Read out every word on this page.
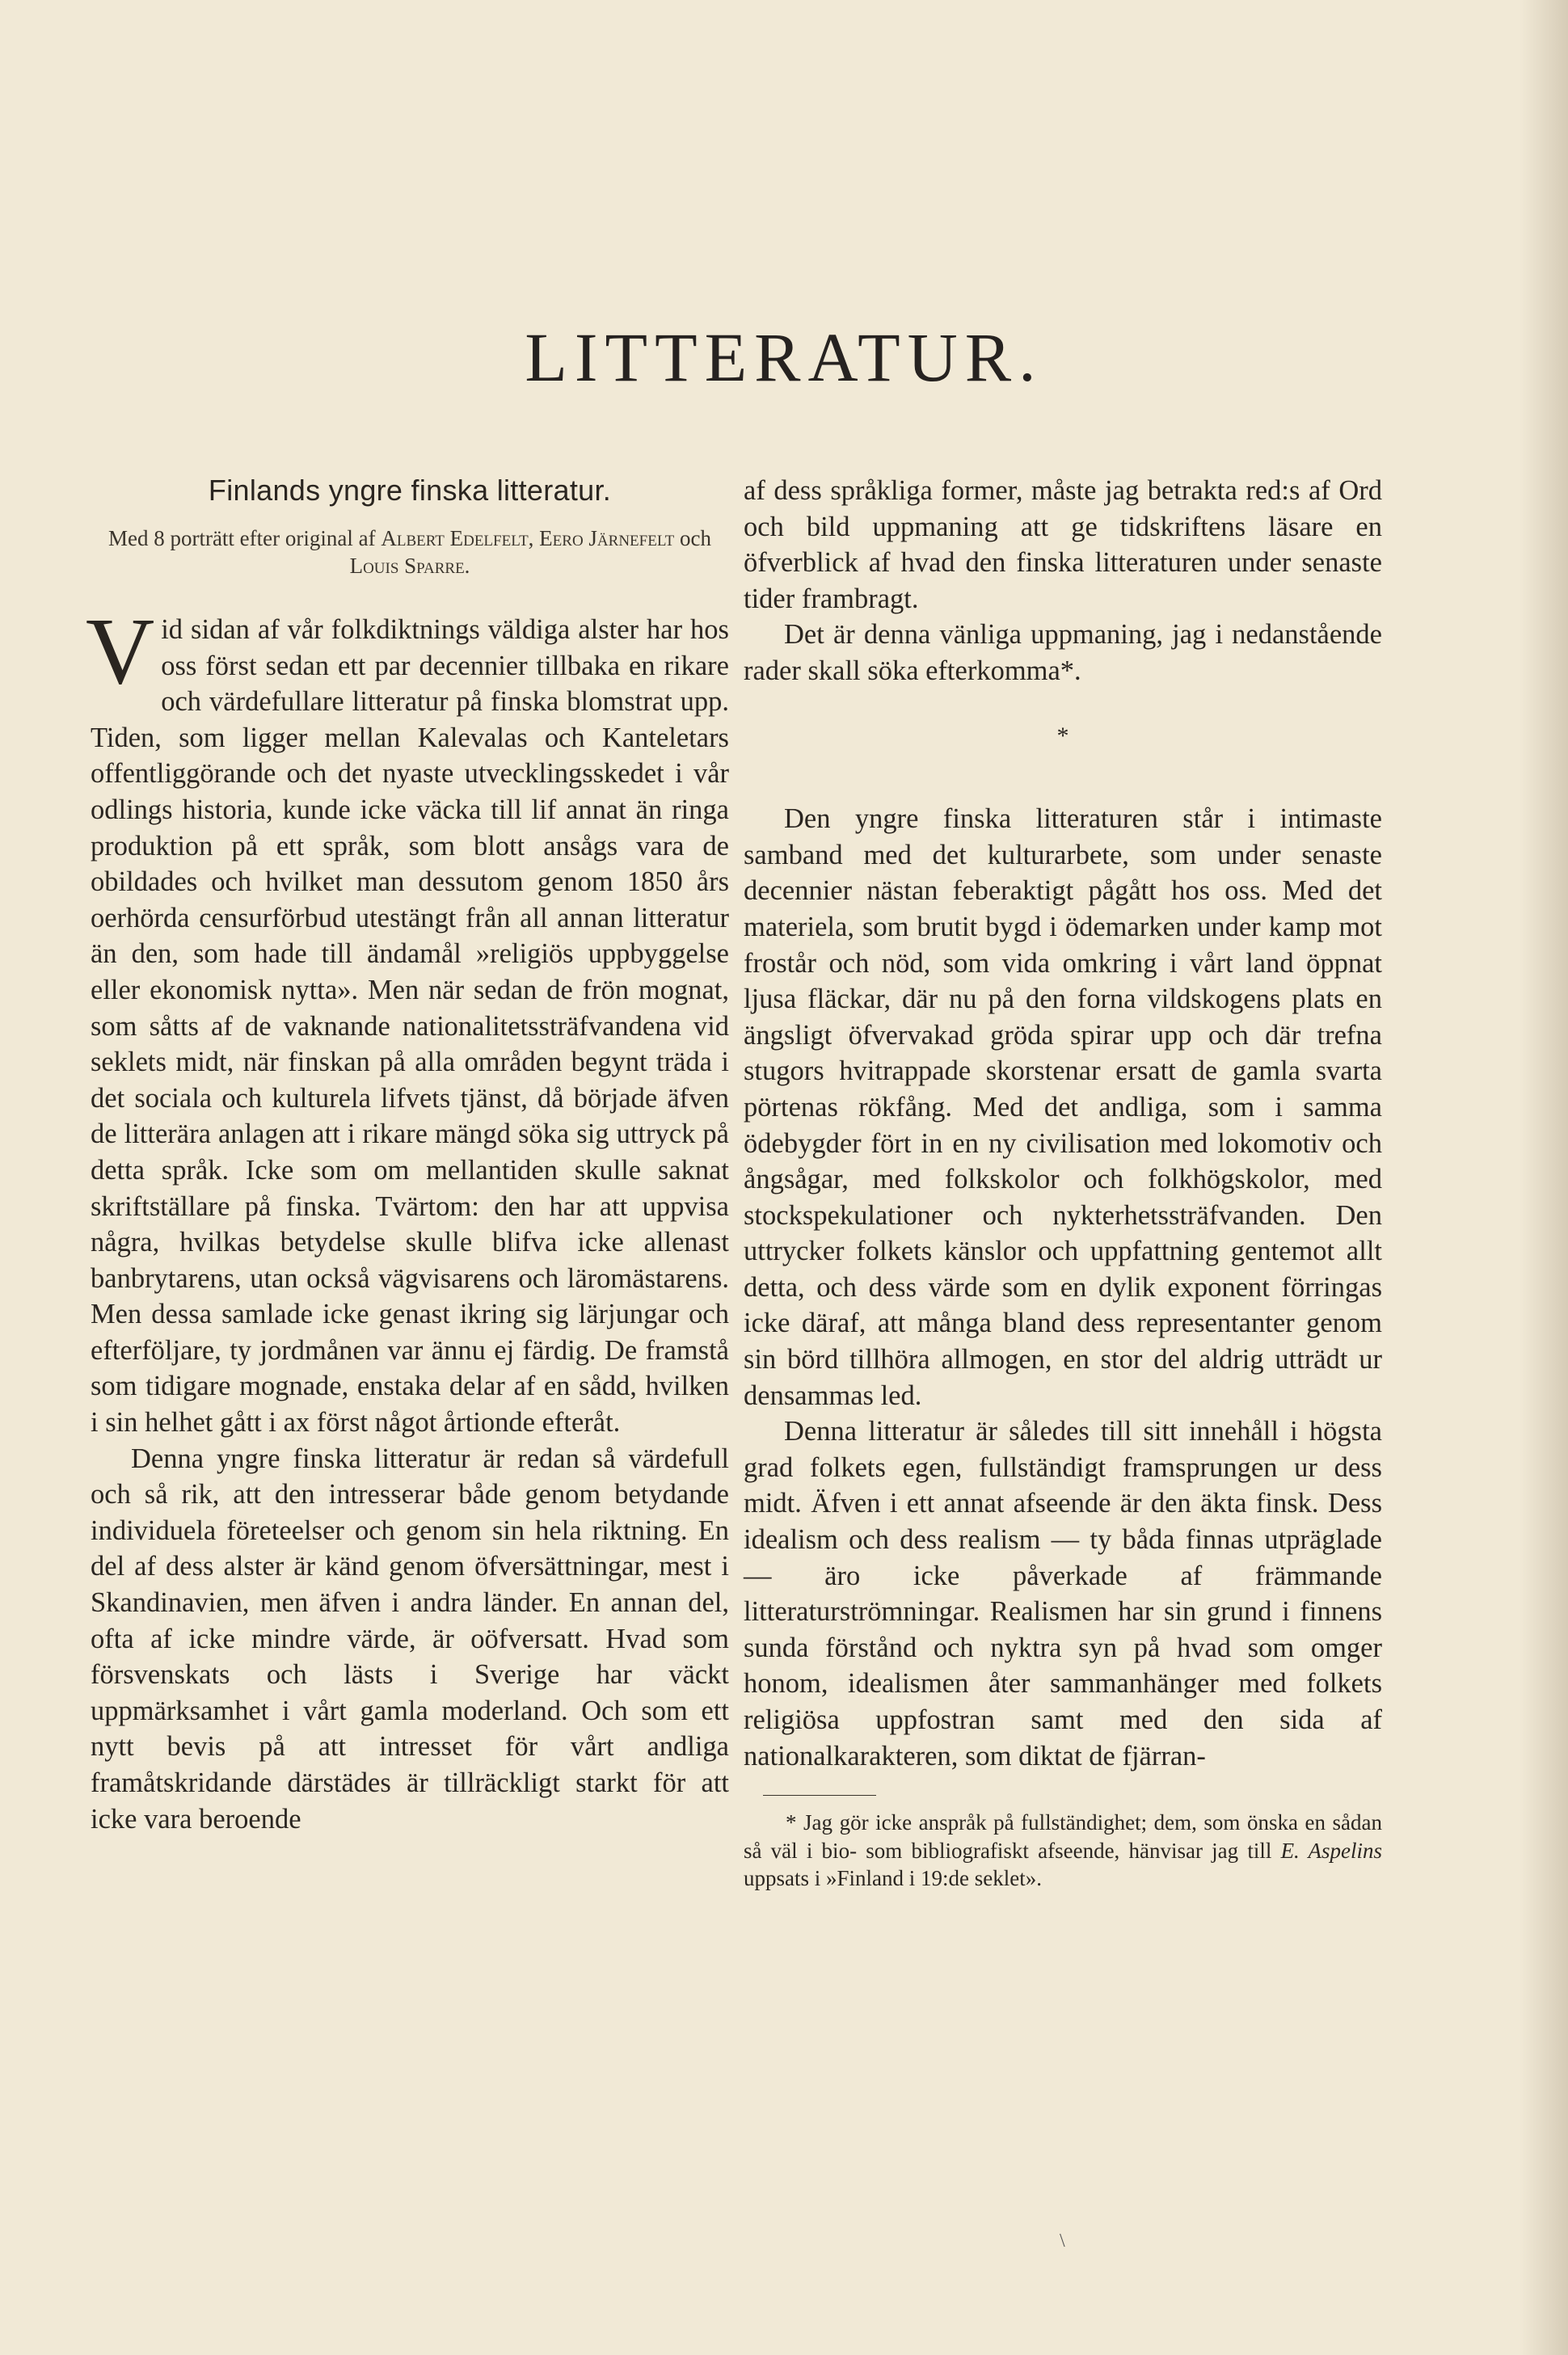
LITTERATUR.
Finlands yngre finska litteratur.
Med 8 porträtt efter original af Albert Edelfelt, Eero Järnefelt och Louis Sparre.

Vid sidan af vår folkdiktnings väldiga alster har hos oss först sedan ett par decennier tillbaka en rikare och värdefullare litteratur på finska blomstrat upp. Tiden, som ligger mellan Kalevalas och Kanteletars offentliggörande och det nyaste utvecklingsskedet i vår odlings historia, kunde icke väcka till lif annat än ringa produktion på ett språk, som blott ansågs vara de obildades och hvilket man dessutom genom 1850 års oerhörda censurförbud utestängt från all annan litteratur än den, som hade till ändamål »religiös uppbyggelse eller ekonomisk nytta». Men när sedan de frön mognat, som såtts af de vaknande nationalitetssträfvandena vid seklets midt, när finskan på alla områden begynt träda i det sociala och kulturela lifvets tjänst, då började äfven de litterära anlagen att i rikare mängd söka sig uttryck på detta språk. Icke som om mellantiden skulle saknat skriftställare på finska. Tvärtom: den har att uppvisa några, hvilkas betydelse skulle blifva icke allenast banbrytarens, utan också vägvisarens och läromästarens. Men dessa samlade icke genast ikring sig lärjungar och efterföljare, ty jordmånen var ännu ej färdig. De framstå som tidigare mognade, enstaka delar af en sådd, hvilken i sin helhet gått i ax först något årtionde efteråt.

Denna yngre finska litteratur är redan så värdefull och så rik, att den intresserar både genom betydande individuela företeelser och genom sin hela riktning. En del af dess alster är känd genom öfversättningar, mest i Skandinavien, men äfven i andra länder. En annan del, ofta af icke mindre värde, är oöfversatt. Hvad som försvenskats och lästs i Sverige har väckt uppmärksamhet i vårt gamla moderland. Och som ett nytt bevis på att intresset för vårt andliga framåtskridande därstädes är tillräckligt starkt för att icke vara beroende

af dess språkliga former, måste jag betrakta red:s af Ord och bild uppmaning att ge tidskriftens läsare en öfverblick af hvad den finska litteraturen under senaste tider frambragt.

Det är denna vänliga uppmaning, jag i nedanstående rader skall söka efterkomma*.

*

Den yngre finska litteraturen står i intimaste samband med det kulturarbete, som under senaste decennier nästan feberaktigt pågått hos oss. Med det materiela, som brutit bygd i ödemarken under kamp mot frostår och nöd, som vida omkring i vårt land öppnat ljusa fläckar, där nu på den forna vildskogens plats en ängsligt öfvervakad gröda spirar upp och där trefna stugors hvitrappade skorstenar ersatt de gamla svarta pörtenas rökfång. Med det andliga, som i samma ödebygder fört in en ny civilisation med lokomotiv och ångsågar, med folkskolor och folkhögskolor, med stockspekulationer och nykterhetssträfvanden. Den uttrycker folkets känslor och uppfattning gentemot allt detta, och dess värde som en dylik exponent förringas icke däraf, att många bland dess representanter genom sin börd tillhöra allmogen, en stor del aldrig utträdt ur densammas led.

Denna litteratur är således till sitt innehåll i högsta grad folkets egen, fullständigt framsprungen ur dess midt. Äfven i ett annat afseende är den äkta finsk. Dess idealism och dess realism — ty båda finnas utpräglade — äro icke påverkade af främmande litteraturströmningar. Realismen har sin grund i finnens sunda förstånd och nyktra syn på hvad som omger honom, idealismen åter sammanhänger med folkets religiösa uppfostran samt med den sida af nationalkarakteren, som diktat de fjärran-

* Jag gör icke anspråk på fullständighet; dem, som önska en sådan så väl i bio- som bibliografiskt afseende, hänvisar jag till E. Aspelins uppsats i »Finland i 19:de seklet».

\
